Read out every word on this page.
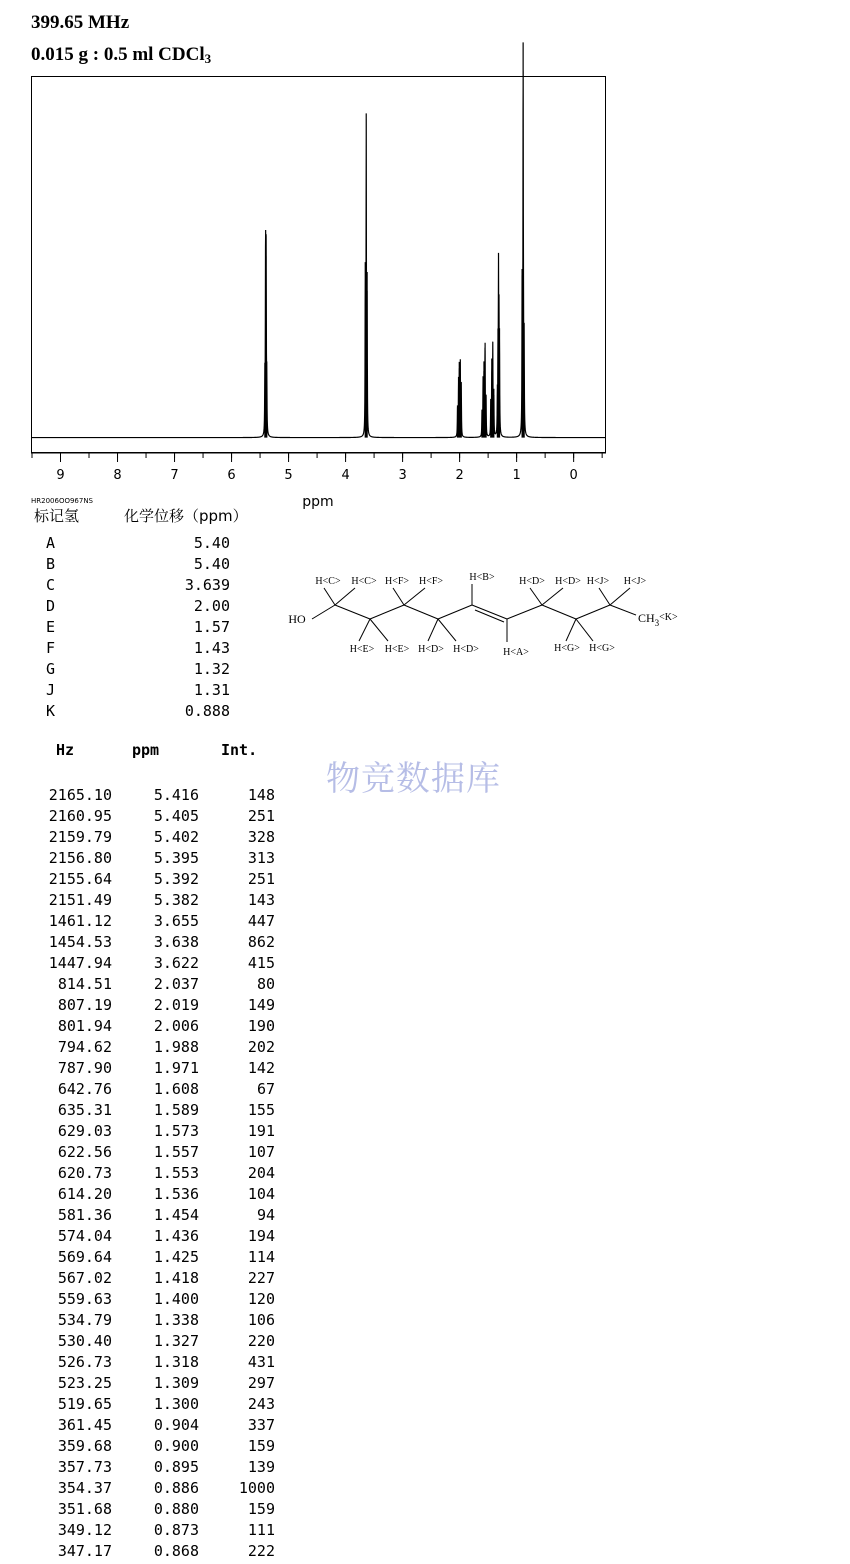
399.65 MHz
0.015 g : 0.5 ml CDCl$_3$
9	8	7	6	5	4	3	2	1	0
ppm
HR2006OO967NS
标记氢	化学位移（ppm）
A	5.40
B	5.40
C	3.639
D	2.00
E	1.57
F	1.43
G	1.32
J	1.31
K	0.888
HO
H<C> H<C> H<F> H<F>	H<B> H<D> H<D> H<J> H<J>
H<E> H<E> H<D> H<D> H<A>	H<G> H<G>
$CH_3^{<K>}$
物竞数据库
Hz	ppm	Int.
2165.10	5.416	148
2160.95	5.405	251
2159.79	5.402	328
2156.80	5.395	313
2155.64	5.392	251
2151.49	5.382	143
1461.12	3.655	447
1454.53	3.638	862
1447.94	3.622	415
814.51	2.037	80
807.19	2.019	149
801.94	2.006	190
794.62	1.988	202
787.90	1.971	142
642.76	1.608	67
635.31	1.589	155
629.03	1.573	191
622.56	1.557	107
620.73	1.553	204
614.20	1.536	104
581.36	1.454	94
574.04	1.436	194
569.64	1.425	114
567.02	1.418	227
559.63	1.400	120
534.79	1.338	106
530.40	1.327	220
526.73	1.318	431
523.25	1.309	297
519.65	1.300	243
361.45	0.904	337
359.68	0.900	159
357.73	0.895	139
354.37	0.886	1000
351.68	0.880	159
349.12	0.873	111
347.17	0.868	222
